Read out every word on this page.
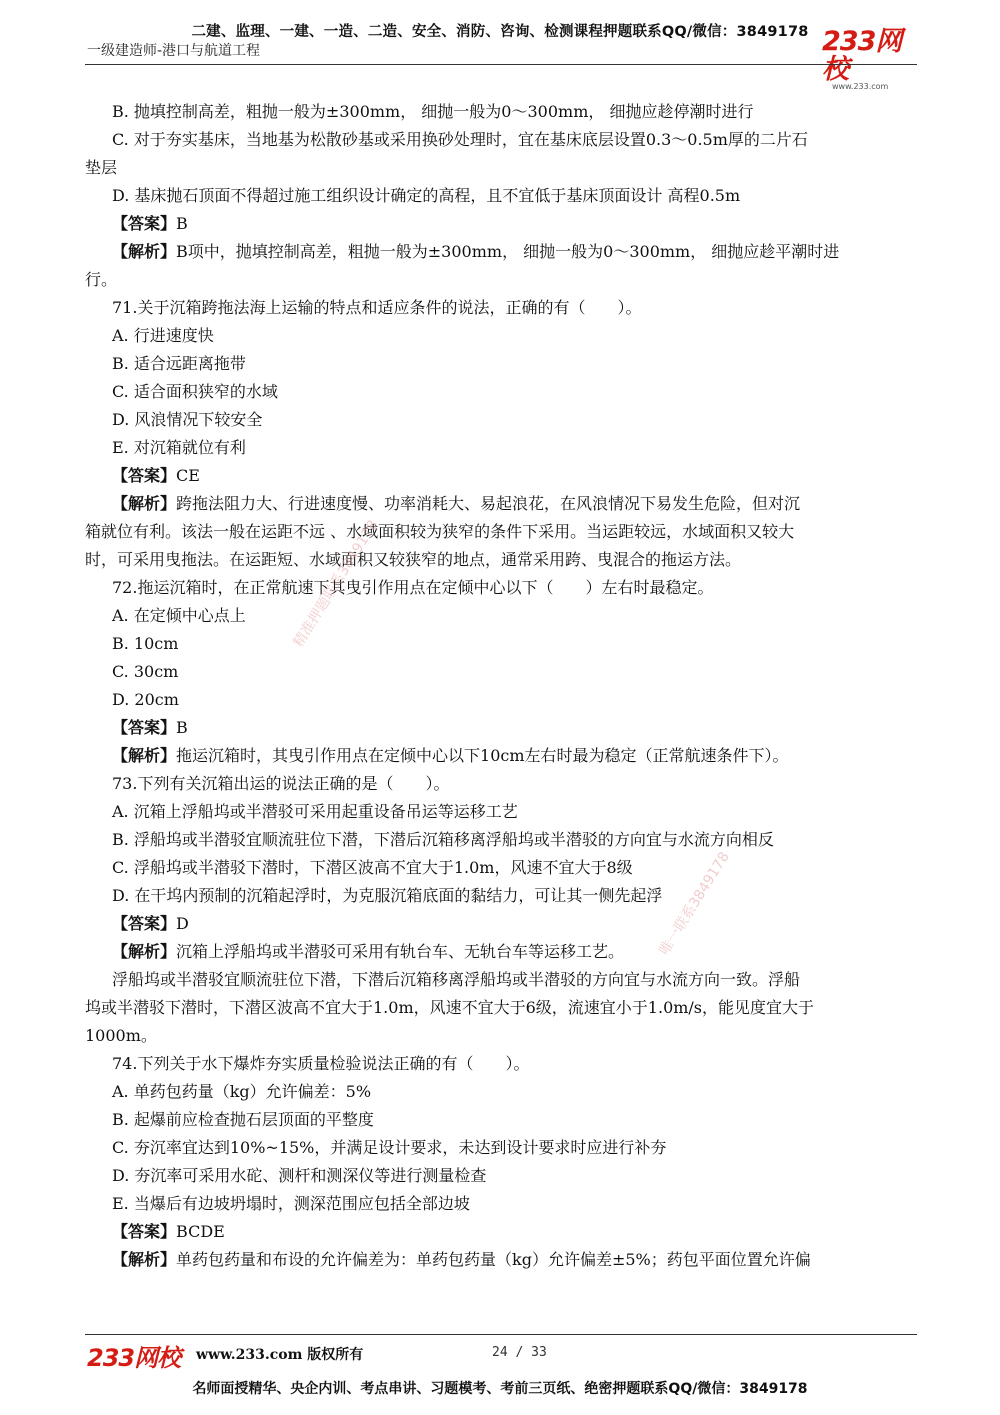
二建、监理、一建、一造、二造、安全、消防、咨询、检测课程押题联系QQ/微信：3849178
一级建造师-港口与航道工程	233网校
www.233.com

B. 抛填控制高差，粗抛一般为±300mm， 细抛一般为0～300mm， 细抛应趁停潮时进行

C. 对于夯实基床，当地基为松散砂基或采用换砂处理时，宜在基床底层设置0.3～0.5m厚的二片石

垫层

D. 基床抛石顶面不得超过施工组织设计确定的高程，且不宜低于基床顶面设计 高程0.5m

【答案】B

【解析】B项中，抛填控制高差，粗抛一般为±300mm， 细抛一般为0～300mm， 细抛应趁平潮时进

行。

71.关于沉箱跨拖法海上运输的特点和适应条件的说法，正确的有（　　）。

A. 行进速度快

B. 适合远距离拖带

C. 适合面积狭窄的水域

D. 风浪情况下较安全

E. 对沉箱就位有利

【答案】CE

【解析】跨拖法阻力大、行进速度慢、功率消耗大、易起浪花，在风浪情况下易发生危险，但对沉

箱就位有利。该法一般在运距不远 、水域面积较为狭窄的条件下采用。当运距较远，水域面积又较大

时，可采用曳拖法。在运距短、水域面积又较狭窄的地点，通常采用跨、曳混合的拖运方法。

72.拖运沉箱时，在正常航速下其曳引作用点在定倾中心以下（　　）左右时最稳定。

A. 在定倾中心点上

B. 10cm

C. 30cm

D. 20cm

【答案】B

【解析】拖运沉箱时，其曳引作用点在定倾中心以下10cm左右时最为稳定（正常航速条件下）。

73.下列有关沉箱出运的说法正确的是（　　）。

A. 沉箱上浮船坞或半潜驳可采用起重设备吊运等运移工艺

B. 浮船坞或半潜驳宜顺流驻位下潜，下潜后沉箱移离浮船坞或半潜驳的方向宜与水流方向相反

C. 浮船坞或半潜驳下潜时，下潜区波高不宜大于1.0m，风速不宜大于8级

D. 在干坞内预制的沉箱起浮时，为克服沉箱底面的黏结力，可让其一侧先起浮

【答案】D

【解析】沉箱上浮船坞或半潜驳可采用有轨台车、无轨台车等运移工艺。

浮船坞或半潜驳宜顺流驻位下潜，下潜后沉箱移离浮船坞或半潜驳的方向宜与水流方向一致。浮船

坞或半潜驳下潜时，下潜区波高不宜大于1.0m，风速不宜大于6级，流速宜小于1.0m/s，能见度宜大于

1000m。

74.下列关于水下爆炸夯实质量检验说法正确的有（　　）。

A. 单药包药量（kg）允许偏差：5%

B. 起爆前应检查抛石层顶面的平整度

C. 夯沉率宜达到10%~15%，并满足设计要求，未达到设计要求时应进行补夯

D. 夯沉率可采用水砣、测杆和测深仪等进行测量检查

E. 当爆后有边坡坍塌时，测深范围应包括全部边坡

【答案】BCDE

【解析】单药包药量和布设的允许偏差为：单药包药量（kg）允许偏差±5%；药包平面位置允许偏

精准押题联系3849178
唯一联系3849178
233网校 www.233.com 版权所有	24 / 33
名师面授精华、央企内训、考点串讲、习题模考、考前三页纸、绝密押题联系QQ/微信：3849178
